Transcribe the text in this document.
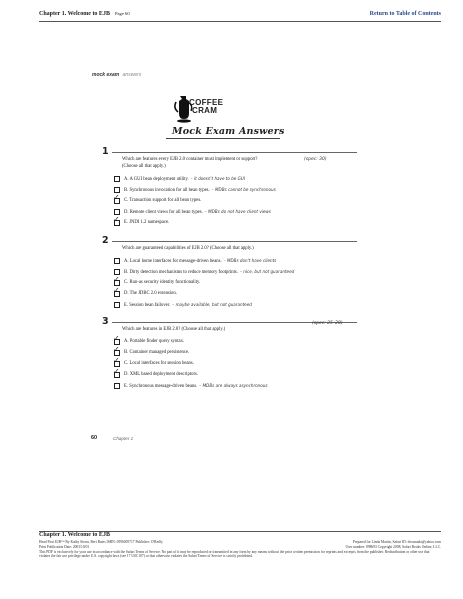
Chapter 1. Welcome to EJB Page 60	Return to Table of Contents
mock exam answers
COFFEE
CRAM
Mock Exam Answers
1
Which are features every EJB 2.0 container must implement or support?
(Choose all that apply.)
(spec: 30)
A. A GUI bean deployment utility. – it doesn't have to be GUI
B. Synchronous invocation for all bean types. – MDBs cannot be synchronous
✓ C. Transaction support for all bean types.
D. Remote client views for all bean types. – MDBs do not have client views
✓ E. JNDI 1.2 namespace.
2
Which are guaranteed capabilities of EJB 2.0? (Choose all that apply.)
A. Local home interfaces for message-driven beans. – MDBs don't have clients
B. Dirty detection mechanisms to reduce memory footprints. – nice, but not guaranteed
✓ C. Run-as security identity functionality.
✓ D. The JDBC 2.0 extension.
E. Session bean failover. – maybe available, but not guaranteed
3
Which are features in EJB 2.0? (Choose all that apply.)
(spec: 25–28)
✓ A. Portable finder query syntax.
✓ B. Container managed persistence.
✓ C. Local interfaces for session beans.
✓ D. XML based deployment descriptors.
E. Synchronous message-driven beans. – MDBs are always asynchronous
60	Chapter 1
Chapter 1. Welcome to EJB
Head First EJB™ By Kathy Sierra, Bert Bates ISBN: 0596005717 Publisher: O'Reilly
Print Publication Date: 2003/10/01
Prepared for Linda Martin, Safari ID: dossmada@yahoo.com
User number: 898693 Copyright 2008, Safari Books Online, LLC.
This PDF is exclusively for your use in accordance with the Safari Terms of Service. No part of it may be reproduced or transmitted in any form by any means without the prior written permission for reprints and excerpts from the publisher. Redistribution or other use that violates the fair use privilege under U.S. copyright laws (see 17 USC107) or that otherwise violates the Safari Terms of Service is strictly prohibited.
